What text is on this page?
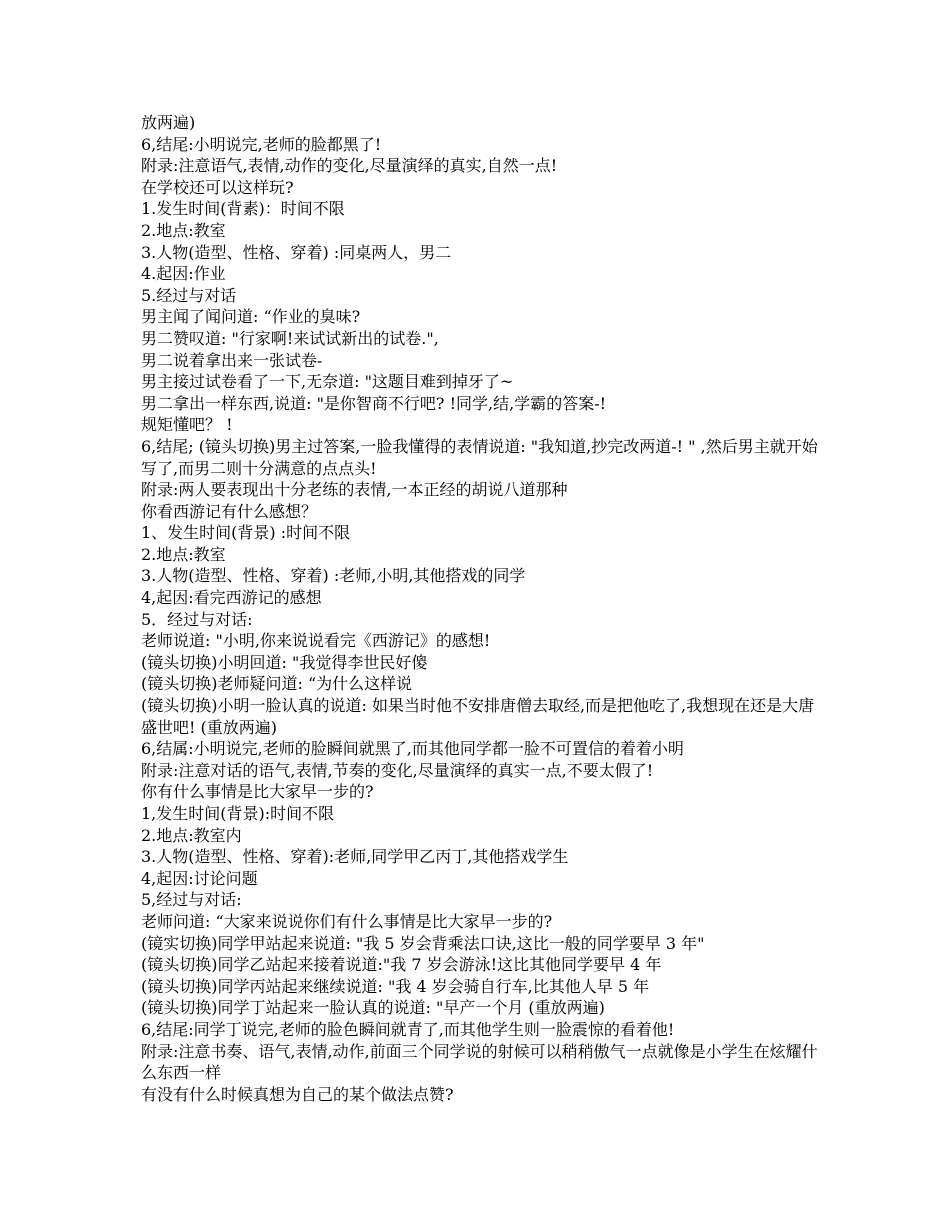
放两遍)

6,结尾:小明说完,老师的脸都黑了!

附录:注意语气,表情,动作的变化,尽量演绎的真实,自然一点!

在学校还可以这样玩?

1.发生时间(背素)：时间不限

2.地点:教室

3.人物(造型、性格、穿着) :同桌两人，男二

4.起因:作业

5.经过与对话

男主闻了闻问道: “作业的臭味?

男二赞叹道: "行家啊!来试试新出的试卷.",

男二说着拿出来一张试卷-

男主接过试卷看了一下,无奈道: "这题目难到掉牙了~

男二拿出一样东西,说道: "是你智商不行吧? !同学,结,学霸的答案-!

规矩懂吧？ !

6,结尾; (镜头切换)男主过答案,一脸我懂得的表情说道: "我知道,抄完改两道-! " ,然后男主就开始写了,而男二则十分满意的点点头!

附录:两人要表现出十分老练的表情,一本正经的胡说八道那种

你看西游记有什么感想？

1、发生时间(背景) :时间不限

2.地点:教室

3.人物(造型、性格、穿着) :老师,小明,其他搭戏的同学

4,起因:看完西游记的感想

5．经过与对话:

老师说道: "小明,你来说说看完《西游记》的感想!

(镜头切换)小明回道: "我觉得李世民好傻

(镜头切换)老师疑问道: “为什么这样说

(镜头切换)小明一脸认真的说道: 如果当时他不安排唐僧去取经,而是把他吃了,我想现在还是大唐盛世吧! (重放两遍)

6,结属:小明说完,老师的脸瞬间就黑了,而其他同学都一脸不可置信的着着小明

附录:注意对话的语气,表情,节奏的变化,尽量演绎的真实一点,不要太假了!

你有什么事情是比大家早一步的?

1,发生时间(背景):时间不限

2.地点:教室内

3.人物(造型、性格、穿着):老师,同学甲乙丙丁,其他搭戏学生

4,起因:讨论问题

5,经过与对话:

老师问道: “大家来说说你们有什么事情是比大家早一步的?

(镜实切换)同学甲站起来说道: "我 5 岁会背乘法口诀,这比一般的同学要早 3 年"

(镜头切换)同学乙站起来接着说道:"我 7 岁会游泳!这比其他同学要早 4 年

(镜头切换)同学丙站起来继续说道: "我 4 岁会骑自行车,比其他人早 5 年

(镜头切换)同学丁站起来一脸认真的说道: "早产一个月 (重放两遍)

6,结尾:同学丁说完,老师的脸色瞬间就青了,而其他学生则一脸震惊的看着他!

附录:注意书奏、语气,表情,动作,前面三个同学说的射候可以稍稍傲气一点就像是小学生在炫耀什么东西一样

有没有什么时候真想为自己的某个做法点赞?
